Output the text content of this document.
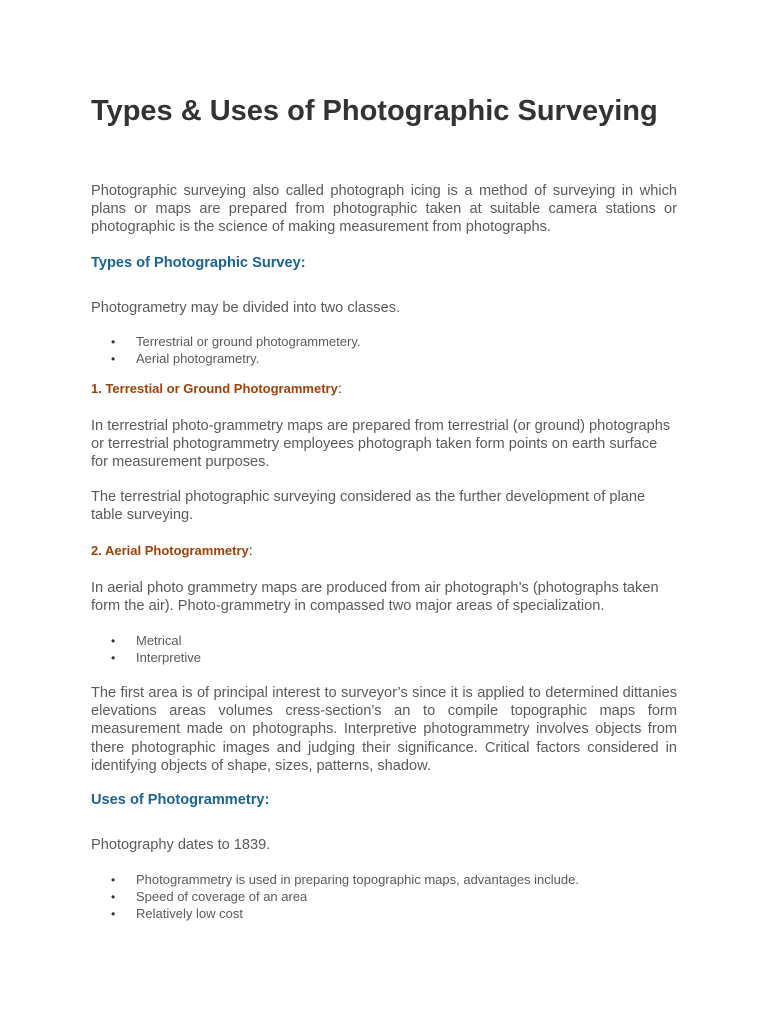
Types & Uses of Photographic Surveying

Photographic surveying also called photograph icing is a method of surveying in which plans or maps are prepared from photographic taken at suitable camera stations or photographic is the science of making measurement from photographs.

Types of Photographic Survey:

Photogrametry may be divided into two classes.

• Terrestrial or ground photogrammetery.
• Aerial photogrametry.

1. Terrestial or Ground Photogrammetry:

In terrestrial photo-grammetry maps are prepared from terrestrial (or ground) photographs or terrestrial photogrammetry employees photograph taken form points on earth surface for measurement purposes.

The terrestrial photographic surveying considered as the further development of plane table surveying.

2. Aerial Photogrammetry:

In aerial photo grammetry maps are produced from air photograph’s (photographs taken form the air). Photo-grammetry in compassed two major areas of specialization.

• Metrical
• Interpretive

The first area is of principal interest to surveyor’s since it is applied to determined dittanies elevations areas volumes cress-section’s an to compile topographic maps form measurement made on photographs. Interpretive photogrammetry involves objects from there photographic images and judging their significance. Critical factors considered in identifying objects of shape, sizes, patterns, shadow.

Uses of Photogrammetry:

Photography dates to 1839.

• Photogrammetry is used in preparing topographic maps, advantages include.
• Speed of coverage of an area
• Relatively low cost
